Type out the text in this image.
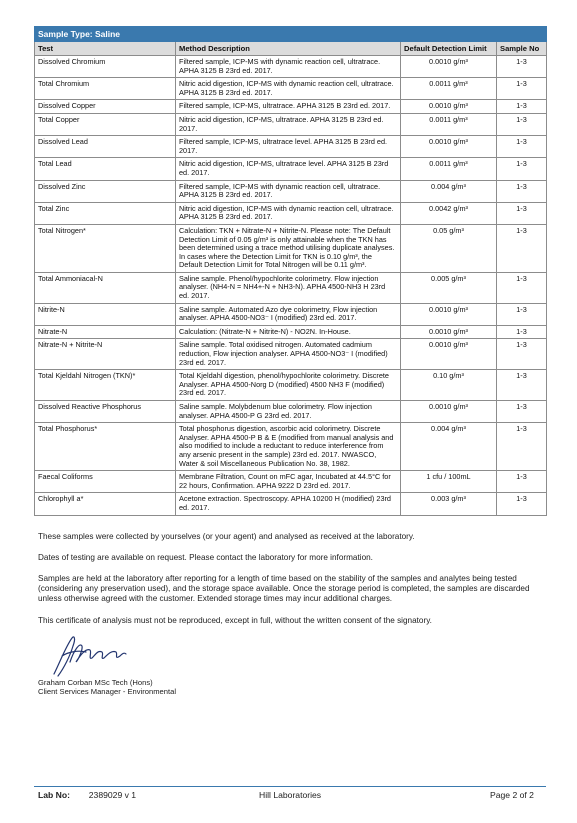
Sample Type: Saline			
Test	Method Description	Default Detection Limit	Sample No
Dissolved Chromium	Filtered sample, ICP-MS with dynamic reaction cell, ultratrace. APHA 3125 B 23rd ed. 2017.	0.0010 g/m³	1-3
Total Chromium	Nitric acid digestion, ICP-MS with dynamic reaction cell, ultratrace. APHA 3125 B 23rd ed. 2017.	0.0011 g/m³	1-3
Dissolved Copper	Filtered sample, ICP-MS, ultratrace. APHA 3125 B 23rd ed. 2017.	0.0010 g/m³	1-3
Total Copper	Nitric acid digestion, ICP-MS, ultratrace. APHA 3125 B 23rd ed. 2017.	0.0011 g/m³	1-3
Dissolved Lead	Filtered sample, ICP-MS, ultratrace level. APHA 3125 B 23rd ed. 2017.	0.0010 g/m³	1-3
Total Lead	Nitric acid digestion, ICP-MS, ultratrace level. APHA 3125 B 23rd ed. 2017.	0.0011 g/m³	1-3
Dissolved Zinc	Filtered sample, ICP-MS with dynamic reaction cell, ultratrace. APHA 3125 B 23rd ed. 2017.	0.004 g/m³	1-3
Total Zinc	Nitric acid digestion, ICP-MS with dynamic reaction cell, ultratrace. APHA 3125 B 23rd ed. 2017.	0.0042 g/m³	1-3
Total Nitrogen*	Calculation: TKN + Nitrate-N + Nitrite-N. Please note: The Default Detection Limit of 0.05 g/m³ is only attainable when the TKN has been determined using a trace method utilising duplicate analyses. In cases where the Detection Limit for TKN is 0.10 g/m³, the Default Detection Limit for Total Nitrogen will be 0.11 g/m³.	0.05 g/m³	1-3
Total Ammoniacal-N	Saline sample. Phenol/hypochlorite colorimetry. Flow injection analyser. (NH4-N = NH4+-N + NH3-N). APHA 4500-NH3 H 23rd ed. 2017.	0.005 g/m³	1-3
Nitrite-N	Saline sample. Automated Azo dye colorimetry, Flow injection analyser. APHA 4500-NO3⁻ I (modified) 23rd ed. 2017.	0.0010 g/m³	1-3
Nitrate-N	Calculation: (Nitrate-N + Nitrite-N) - NO2N. In-House.	0.0010 g/m³	1-3
Nitrate-N + Nitrite-N	Saline sample. Total oxidised nitrogen. Automated cadmium reduction, Flow injection analyser. APHA 4500-NO3⁻ I (modified) 23rd ed. 2017.	0.0010 g/m³	1-3
Total Kjeldahl Nitrogen (TKN)*	Total Kjeldahl digestion, phenol/hypochlorite colorimetry. Discrete Analyser. APHA 4500-Norg D (modified) 4500 NH3 F (modified) 23rd ed. 2017.	0.10 g/m³	1-3
Dissolved Reactive Phosphorus	Saline sample. Molybdenum blue colorimetry. Flow injection analyser. APHA 4500-P G 23rd ed. 2017.	0.0010 g/m³	1-3
Total Phosphorus*	Total phosphorus digestion, ascorbic acid colorimetry. Discrete Analyser. APHA 4500-P B & E (modified from manual analysis and also modified to include a reductant to reduce interference from any arsenic present in the sample) 23rd ed. 2017. NWASCO, Water & soil Miscellaneous Publication No. 38, 1982.	0.004 g/m³	1-3
Faecal Coliforms	Membrane Filtration, Count on mFC agar, Incubated at 44.5°C for 22 hours, Confirmation. APHA 9222 D 23rd ed. 2017.	1 cfu / 100mL	1-3
Chlorophyll a*	Acetone extraction. Spectroscopy. APHA 10200 H (modified) 23rd ed. 2017.	0.003 g/m³	1-3
These samples were collected by yourselves (or your agent) and analysed as received at the laboratory.
Dates of testing are available on request. Please contact the laboratory for more information.
Samples are held at the laboratory after reporting for a length of time based on the stability of the samples and analytes being tested (considering any preservation used), and the storage space available. Once the storage period is completed, the samples are discarded unless otherwise agreed with the customer. Extended storage times may incur additional charges.
This certificate of analysis must not be reproduced, except in full, without the written consent of the signatory.
Graham Corban MSc Tech (Hons)
Client Services Manager - Environmental
Lab No: 2389029 v 1	Hill Laboratories	Page 2 of 2
